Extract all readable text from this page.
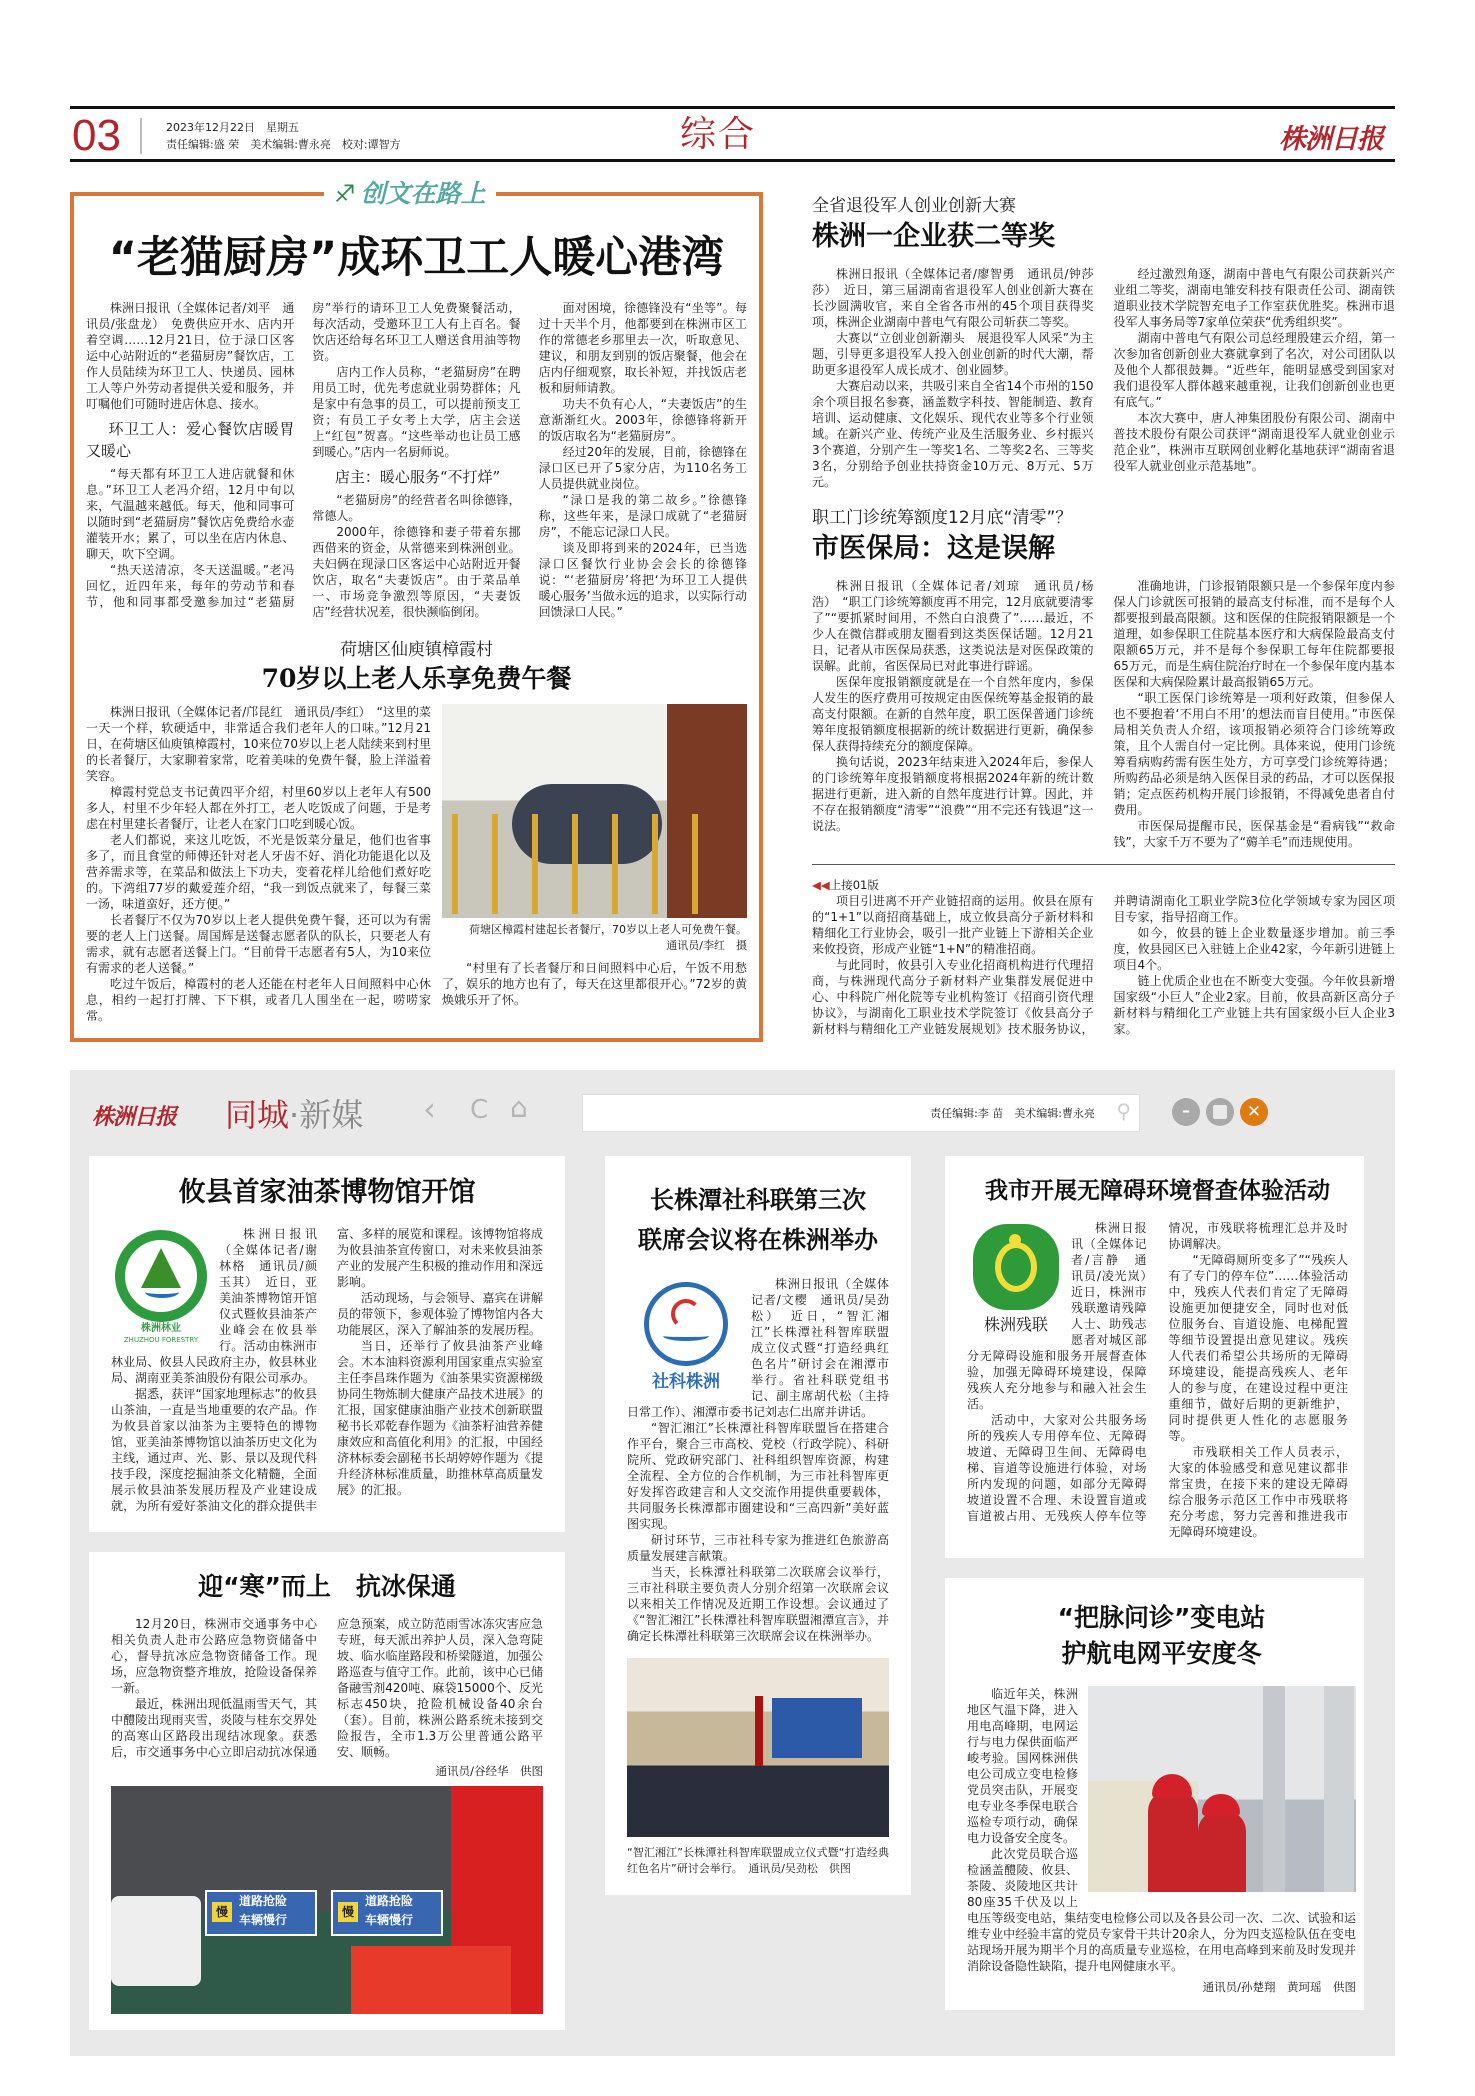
03	2023年12月22日　星期五
责任编辑:盛 荣　美术编辑:曹永亮　校对:谭智方	综合	株洲日报
♐ 创文在路上
“老猫厨房”成环卫工人暖心港湾

株洲日报讯（全媒体记者/刘平　通讯员/张盘龙）　免费供应开水、店内开着空调……12月21日，位于渌口区客运中心站附近的“老猫厨房”餐饮店，工作人员陆续为环卫工人、快递员、园林工人等户外劳动者提供关爱和服务，并叮嘱他们可随时进店休息、接水。

环卫工人：爱心餐饮店暖胃又暖心

“每天都有环卫工人进店就餐和休息。”环卫工人老冯介绍，12月中旬以来，气温越来越低。每天，他和同事可以随时到“老猫厨房”餐饮店免费给水壶灌装开水；累了，可以坐在店内休息、聊天，吹下空调。

“热天送清凉，冬天送温暖。”老冯回忆，近四年来，每年的劳动节和春节，他和同事都受邀参加过“老猫厨房”举行的请环卫工人免费聚餐活动，每次活动，受邀环卫工人有上百名。餐饮店还给每名环卫工人赠送食用油等物资。

店内工作人员称，“老猫厨房”在聘用员工时，优先考虑就业弱势群体；凡是家中有急事的员工，可以提前预支工资；有员工子女考上大学，店主会送上“红包”贺喜。“这些举动也让员工感到暖心。”店内一名厨师说。

店主：暖心服务“不打烊”

“老猫厨房”的经营者名叫徐德锋，常德人。

2000年，徐德锋和妻子带着东挪西借来的资金，从常德来到株洲创业。夫妇俩在现渌口区客运中心站附近开餐饮店，取名“夫妻饭店”。由于菜品单一、市场竞争激烈等原因，“夫妻饭店”经营状况差，很快濒临倒闭。

面对困境，徐德锋没有“坐等”。每过十天半个月，他都要到在株洲市区工作的常德老乡那里去一次，听取意见、建议，和朋友到别的饭店聚餐，他会在店内仔细观察，取长补短，并找饭店老板和厨师请教。

功夫不负有心人，“夫妻饭店”的生意渐渐红火。2003年，徐德锋将新开的饭店取名为“老猫厨房”。

经过20年的发展，目前，徐德锋在渌口区已开了5家分店，为110名务工人员提供就业岗位。

“渌口是我的第二故乡。”徐德锋称，这些年来，是渌口成就了“老猫厨房”，不能忘记渌口人民。

谈及即将到来的2024年，已当选渌口区餐饮行业协会会长的徐德锋说：“‘老猫厨房’将把‘为环卫工人提供暖心服务’当做永远的追求，以实际行动回馈渌口人民。”

荷塘区仙庾镇樟霞村
70岁以上老人乐享免费午餐

株洲日报讯（全媒体记者/邝昆红　通讯员/李红）　“这里的菜一天一个样，软硬适中，非常适合我们老年人的口味。”12月21日，在荷塘区仙庾镇樟霞村，10来位70岁以上老人陆续来到村里的长者餐厅，大家聊着家常，吃着美味的免费午餐，脸上洋溢着笑容。

樟霞村党总支书记黄四平介绍，村里60岁以上老年人有500多人，村里不少年轻人都在外打工，老人吃饭成了问题，于是考虑在村里建长者餐厅，让老人在家门口吃到暖心饭。

老人们都说，来这儿吃饭，不光是饭菜分量足，他们也省事多了，而且食堂的师傅还针对老人牙齿不好、消化功能退化以及营养需求等，在菜品和做法上下功夫，变着花样儿给他们煮好吃的。下湾组77岁的戴爱莲介绍，“我一到饭点就来了，每餐三菜一汤，味道蛮好，还方便。”

长者餐厅不仅为70岁以上老人提供免费午餐，还可以为有需要的老人上门送餐。周国辉是送餐志愿者队的队长，只要老人有需求，就有志愿者送餐上门。“目前骨干志愿者有5人，为10来位有需求的老人送餐。”

吃过午饭后，樟霞村的老人还能在村老年人日间照料中心休息，相约一起打打牌、下下棋，或者几人围坐在一起，唠唠家常。

荷塘区樟霞村建起长者餐厅，70岁以上老人可免费午餐。
通讯员/李红　摄

“村里有了长者餐厅和日间照料中心后，午饭不用愁了，娱乐的地方也有了，每天在这里都很开心。”72岁的黄焕娥乐开了怀。

全省退役军人创业创新大赛
株洲一企业获二等奖

株洲日报讯（全媒体记者/廖智勇　通讯员/钟莎莎）　近日，第三届湖南省退役军人创业创新大赛在长沙圆满收官，来自全省各市州的45个项目获得奖项，株洲企业湖南中普电气有限公司斩获二等奖。

大赛以“立创业创新潮头　展退役军人风采”为主题，引导更多退役军人投入创业创新的时代大潮，帮助更多退役军人成长成才、创业圆梦。

大赛启动以来，共吸引来自全省14个市州的150余个项目报名参赛，涵盖数字科技、智能制造、教育培训、运动健康、文化娱乐、现代农业等多个行业领域。在新兴产业、传统产业及生活服务业、乡村振兴3个赛道，分别产生一等奖1名、二等奖2名、三等奖3名，分别给予创业扶持资金10万元、8万元、5万元。

经过激烈角逐，湖南中普电气有限公司获新兴产业组二等奖，湖南电雏安科技有限责任公司、湖南铁道职业技术学院智充电子工作室获优胜奖。株洲市退役军人事务局等7家单位荣获“优秀组织奖”。

湖南中普电气有限公司总经理殷建云介绍，第一次参加省创新创业大赛就拿到了名次，对公司团队以及他个人都很鼓舞。“近些年，能明显感受到国家对我们退役军人群体越来越重视，让我们创新创业也更有底气。”

本次大赛中，唐人神集团股份有限公司、湖南中普技术股份有限公司获评“湖南退役军人就业创业示范企业”，株洲市互联网创业孵化基地获评“湖南省退役军人就业创业示范基地”。

职工门诊统筹额度12月底“清零”？
市医保局：这是误解

株洲日报讯（全媒体记者/刘琼　通讯员/杨浩）　“职工门诊统筹额度再不用完，12月底就要清零了”“要抓紧时间用，不然白白浪费了”……最近，不少人在微信群或朋友圈看到这类医保话题。12月21日，记者从市医保局获悉，这类说法是对医保政策的误解。此前，省医保局已对此事进行辟谣。

医保年度报销额度就是在一个自然年度内，参保人发生的医疗费用可按规定由医保统筹基金报销的最高支付限额。在新的自然年度，职工医保普通门诊统筹年度报销额度根据新的统计数据进行更新，确保参保人获得持续充分的额度保障。

换句话说，2023年结束进入2024年后，参保人的门诊统筹年度报销额度将根据2024年新的统计数据进行更新，进入新的自然年度进行计算。因此，并不存在报销额度“清零”“浪费”“用不完还有钱退”这一说法。

准确地讲，门诊报销限额只是一个参保年度内参保人门诊就医可报销的最高支付标准，而不是每个人都要报到最高限额。这和医保的住院报销限额是一个道理，如参保职工住院基本医疗和大病保险最高支付限额65万元，并不是每个参保职工每年住院都要报65万元，而是生病住院治疗时在一个参保年度内基本医保和大病保险累计最高报销65万元。

“职工医保门诊统筹是一项利好政策，但参保人也不要抱着‘不用白不用’的想法而盲目使用。”市医保局相关负责人介绍，该项报销必须符合门诊统筹政策，且个人需自付一定比例。具体来说，使用门诊统筹看病购药需有医生处方，方可享受门诊统筹待遇；所购药品必须是纳入医保目录的药品，才可以医保报销；定点医药机构开展门诊报销，不得减免患者自付费用。

市医保局提醒市民，医保基金是“看病钱”“救命钱”，大家千万不要为了“薅羊毛”而违规使用。

◀◀上接01版

项目引进离不开产业链招商的运用。攸县在原有的“1+1”以商招商基础上，成立攸县高分子新材料和精细化工行业协会，吸引一批产业链上下游相关企业来攸投资，形成产业链“1+N”的精准招商。

与此同时，攸县引入专业化招商机构进行代理招商，与株洲现代高分子新材料产业集群发展促进中心、中科院广州化院等专业机构签订《招商引资代理协议》，与湖南化工职业技术学院签订《攸县高分子新材料与精细化工产业链发展规划》技术服务协议，并聘请湖南化工职业学院3位化学领域专家为园区项目专家，指导招商工作。

如今，攸县的链上企业数量逐步增加。前三季度，攸县园区已入驻链上企业42家，今年新引进链上项目4个。

链上优质企业也在不断变大变强。今年攸县新增国家级“小巨人”企业2家。目前，攸县高新区高分子新材料与精细化工产业链上共有国家级小巨人企业3家。

株洲日报 同城·新媒 ‹ C ⌂	责任编辑:李 苗　美术编辑:曹永亮 ⚲	–	✕
攸县首家油茶博物馆开馆
株洲林业
ZHUZHOU FORESTRY

株洲日报讯（全媒体记者/谢林格　通讯员/颜玉其）　近日，亚美油茶博物馆开馆仪式暨攸县油茶产业峰会在攸县举行。活动由株洲市林业局、攸县人民政府主办，攸县林业局、湖南亚美茶油股份有限公司承办。

据悉，获评“国家地理标志”的攸县山茶油，一直是当地重要的农产品。作为攸县首家以油茶为主要特色的博物馆，亚美油茶博物馆以油茶历史文化为主线，通过声、光、影、景以及现代科技手段，深度挖掘油茶文化精髓，全面展示攸县油茶发展历程及产业建设成就，为所有爱好茶油文化的群众提供丰富、多样的展览和课程。该博物馆将成为攸县油茶宣传窗口，对未来攸县油茶产业的发展产生积极的推动作用和深远影响。

活动现场，与会领导、嘉宾在讲解员的带领下，参观体验了博物馆内各大功能展区，深入了解油茶的发展历程。

当日，还举行了攸县油茶产业峰会。木本油料资源利用国家重点实验室主任李昌珠作题为《油茶果实资源梯级协同生物炼制大健康产品技术进展》的汇报，国家健康油脂产业技术创新联盟秘书长邓乾春作题为《油茶籽油营养健康效应和高值化利用》的汇报，中国经济林标委会副秘书长胡婷婷作题为《提升经济林标准质量，助推林草高质量发展》的汇报。

迎“寒”而上　抗冰保通

12月20日，株洲市交通事务中心相关负责人赴市公路应急物资储备中心，督导抗冰应急物资储备工作。现场，应急物资整齐堆放，抢险设备保养一新。

最近，株洲出现低温雨雪天气，其中醴陵出现雨夹雪，炎陵与桂东交界处的高寒山区路段出现结冰现象。获悉后，市交通事务中心立即启动抗冰保通应急预案，成立防范雨雪冰冻灾害应急专班，每天派出养护人员，深入急弯陡坡、临水临崖路段和桥梁隧道，加强公路巡查与值守工作。此前，该中心已储备融雪剂420吨、麻袋15000个、反光标志450块，抢险机械设备40余台（套）。目前，株洲公路系统未接到交险报告，全市1.3万公里普通公路平安、顺畅。

通讯员/谷经华　供图
慢
道路抢险
车辆慢行
慢
道路抢险
车辆慢行
长株潭社科联第三次
联席会议将在株洲举办
社科株洲

株洲日报讯（全媒体记者/文樱　通讯员/吴劲松）　近日，“智汇湘江”长株潭社科智库联盟成立仪式暨“打造经典红色名片”研讨会在湘潭市举行。省社科联党组书记、副主席胡代松（主持日常工作）、湘潭市委书记刘志仁出席并讲话。

“智汇湘江”长株潭社科智库联盟旨在搭建合作平台，聚合三市高校、党校（行政学院）、科研院所、党政研究部门、社科组织智库资源，构建全流程、全方位的合作机制，为三市社科智库更好发挥咨政建言和人文交流作用提供重要载体，共同服务长株潭都市圈建设和“三高四新”美好蓝图实现。

研讨环节，三市社科专家为推进红色旅游高质量发展建言献策。

当天，长株潭社科联第二次联席会议举行，三市社科联主要负责人分别介绍第一次联席会议以来相关工作情况及近期工作设想。会议通过了《“智汇湘江”长株潭社科智库联盟湘潭宣言》，并确定长株潭社科联第三次联席会议在株洲举办。

“智汇湘江”长株潭社科智库联盟成立仪式暨“打造经典红色名片”研讨会举行。　 通讯员/吴劲松　供图
我市开展无障碍环境督查体验活动
株洲残联

株洲日报讯（全媒体记者/言静　通讯员/凌光岚）　近日，株洲市残联邀请残障人士、助残志愿者对城区部分无障碍设施和服务开展督查体验，加强无障碍环境建设，保障残疾人充分地参与和融入社会生活。

活动中，大家对公共服务场所的残疾人专用停车位、无障碍坡道、无障碍卫生间、无障碍电梯、盲道等设施进行体验，对场所内发现的问题，如部分无障碍坡道设置不合理、未设置盲道或盲道被占用、无残疾人停车位等情况，市残联将梳理汇总并及时协调解决。

“无障碍厕所变多了”“残疾人有了专门的停车位”……体验活动中，残疾人代表们肯定了无障碍设施更加便捷安全，同时也对低位服务台、盲道设施、电梯配置等细节设置提出意见建议。残疾人代表们希望公共场所的无障碍环境建设，能提高残疾人、老年人的参与度，在建设过程中更注重细节，做好后期的更新维护，同时提供更人性化的志愿服务等。

市残联相关工作人员表示，大家的体验感受和意见建议都非常宝贵，在接下来的建设无障碍综合服务示范区工作中市残联将充分考虑，努力完善和推进我市无障碍环境建设。

“把脉问诊”变电站
护航电网平安度冬

临近年关，株洲地区气温下降，进入用电高峰期，电网运行与电力保供面临严峻考验。国网株洲供电公司成立变电检修党员突击队，开展变电专业冬季保电联合巡检专项行动，确保电力设备安全度冬。

此次党员联合巡检涵盖醴陵、攸县、茶陵、炎陵地区共计80座35千伏及以上电压等级变电站，集结变电检修公司以及各县公司一次、二次、试验和运维专业中经验丰富的党员专家骨干共计20余人，分为四支巡检队伍在变电站现场开展为期半个月的高质量专业巡检，在用电高峰到来前及时发现并消除设备隐性缺陷，提升电网健康水平。

通讯员/孙楚翔　黄珂瑶　供图
